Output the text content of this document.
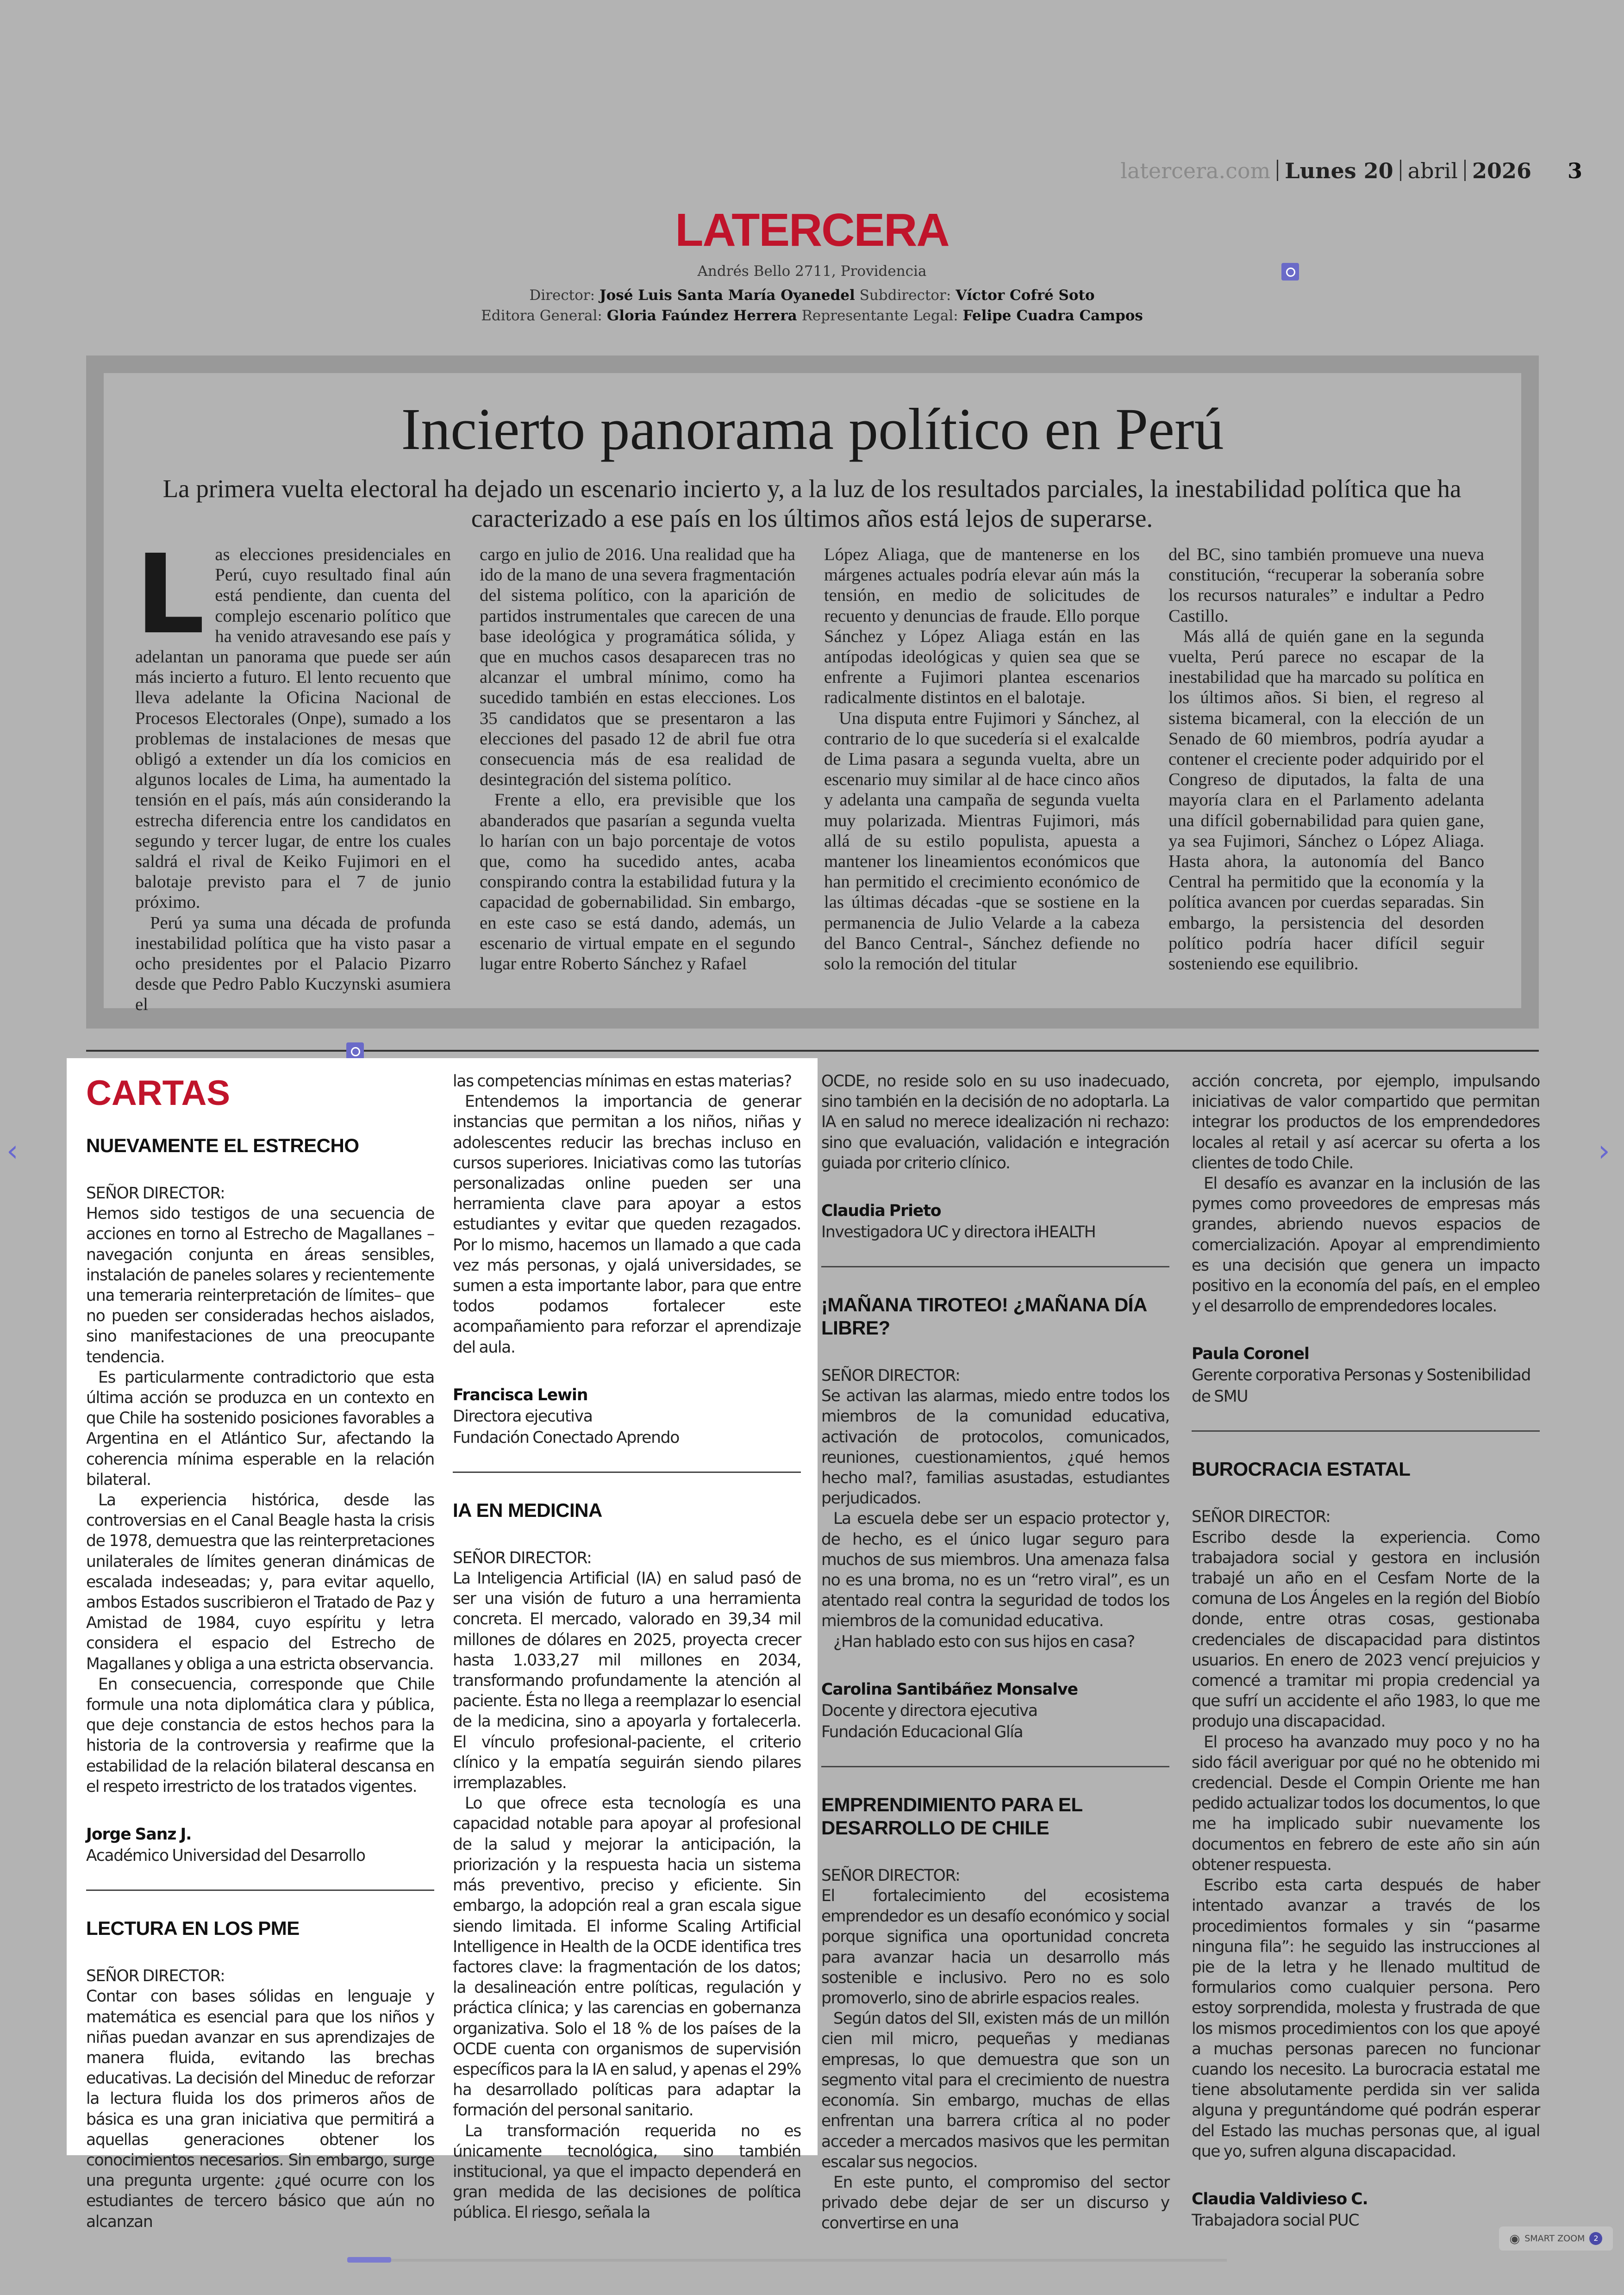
latercera.com Lunes 20 abril 2026 3
LATERCERA
Andrés Bello 2711, Providencia
Director: José Luis Santa María Oyanedel Subdirector: Víctor Cofré Soto
Editora General: Gloria Faúndez Herrera Representante Legal: Felipe Cuadra Campos
Incierto panorama político en Perú
La primera vuelta electoral ha dejado un escenario incierto y, a la luz de los resultados parciales, la inestabilidad política que ha caracterizado a ese país en los últimos años está lejos de superarse.

Las elecciones presidenciales en Perú, cuyo resultado final aún está pendiente, dan cuenta del complejo escenario político que ha venido atravesando ese país y adelantan un panorama que puede ser aún más incierto a futuro. El lento recuento que lleva adelante la Oficina Nacional de Procesos Electorales (Onpe), sumado a los problemas de instalaciones de mesas que obligó a extender un día los comicios en algunos locales de Lima, ha aumentado la tensión en el país, más aún considerando la estrecha diferencia entre los candidatos en segundo y tercer lugar, de entre los cuales saldrá el rival de Keiko Fujimori en el balotaje previsto para el 7 de junio próximo.

Perú ya suma una década de profunda inestabilidad política que ha visto pasar a ocho presidentes por el Palacio Pizarro desde que Pedro Pablo Kuczynski asumiera el

cargo en julio de 2016. Una realidad que ha ido de la mano de una severa fragmentación del sistema político, con la aparición de partidos instrumentales que carecen de una base ideológica y programática sólida, y que en muchos casos desaparecen tras no alcanzar el umbral mínimo, como ha sucedido también en estas elecciones. Los 35 candidatos que se presentaron a las elecciones del pasado 12 de abril fue otra consecuencia más de esa realidad de desintegración del sistema político.

Frente a ello, era previsible que los abanderados que pasarían a segunda vuelta lo harían con un bajo porcentaje de votos que, como ha sucedido antes, acaba conspirando contra la estabilidad futura y la capacidad de gobernabilidad. Sin embargo, en este caso se está dando, además, un escenario de virtual empate en el segundo lugar entre Roberto Sánchez y Rafael

López Aliaga, que de mantenerse en los márgenes actuales podría elevar aún más la tensión, en medio de solicitudes de recuento y denuncias de fraude. Ello porque Sánchez y López Aliaga están en las antípodas ideológicas y quien sea que se enfrente a Fujimori plantea escenarios radicalmente distintos en el balotaje.

Una disputa entre Fujimori y Sánchez, al contrario de lo que sucedería si el exalcalde de Lima pasara a segunda vuelta, abre un escenario muy similar al de hace cinco años y adelanta una campaña de segunda vuelta muy polarizada. Mientras Fujimori, más allá de su estilo populista, apuesta a mantener los lineamientos económicos que han permitido el crecimiento económico de las últimas décadas -que se sostiene en la permanencia de Julio Velarde a la cabeza del Banco Central-, Sánchez defiende no solo la remoción del titular

del BC, sino también promueve una nueva constitución, “recuperar la soberanía sobre los recursos naturales” e indultar a Pedro Castillo.

Más allá de quién gane en la segunda vuelta, Perú parece no escapar de la inestabilidad que ha marcado su política en los últimos años. Si bien, el regreso al sistema bicameral, con la elección de un Senado de 60 miembros, podría ayudar a contener el creciente poder adquirido por el Congreso de diputados, la falta de una mayoría clara en el Parlamento adelanta una difícil gobernabilidad para quien gane, ya sea Fujimori, Sánchez o López Aliaga. Hasta ahora, la autonomía del Banco Central ha permitido que la economía y la política avancen por cuerdas separadas. Sin embargo, la persistencia del desorden político podría hacer difícil seguir sosteniendo ese equilibrio.

CARTAS
NUEVAMENTE EL ESTRECHO
SEÑOR DIRECTOR:

Hemos sido testigos de una secuencia de acciones en torno al Estrecho de Magallanes –navegación conjunta en áreas sensibles, instalación de paneles solares y recientemente una temeraria reinterpretación de límites– que no pueden ser consideradas hechos aislados, sino manifestaciones de una preocupante tendencia.

Es particularmente contradictorio que esta última acción se produzca en un contexto en que Chile ha sostenido posiciones favorables a Argentina en el Atlántico Sur, afectando la coherencia mínima esperable en la relación bilateral.

La experiencia histórica, desde las controversias en el Canal Beagle hasta la crisis de 1978, demuestra que las reinterpretaciones unilaterales de límites generan dinámicas de escalada indeseadas; y, para evitar aquello, ambos Estados suscribieron el Tratado de Paz y Amistad de 1984, cuyo espíritu y letra considera el espacio del Estrecho de Magallanes y obliga a una estricta observancia.

En consecuencia, corresponde que Chile formule una nota diplomática clara y pública, que deje constancia de estos hechos para la historia de la controversia y reafirme que la estabilidad de la relación bilateral descansa en el respeto irrestricto de los tratados vigentes.

Jorge Sanz J.
Académico Universidad del Desarrollo
LECTURA EN LOS PME
SEÑOR DIRECTOR:

Contar con bases sólidas en lenguaje y matemática es esencial para que los niños y niñas puedan avanzar en sus aprendizajes de manera fluida, evitando las brechas educativas. La decisión del Mineduc de reforzar la lectura fluida los dos primeros años de básica es una gran iniciativa que permitirá a aquellas generaciones obtener los conocimientos necesarios. Sin embargo, surge una pregunta urgente: ¿qué ocurre con los estudiantes de tercero básico que aún no alcanzan

las competencias mínimas en estas materias?

Entendemos la importancia de generar instancias que permitan a los niños, niñas y adolescentes reducir las brechas incluso en cursos superiores. Iniciativas como las tutorías personalizadas online pueden ser una herramienta clave para apoyar a estos estudiantes y evitar que queden rezagados. Por lo mismo, hacemos un llamado a que cada vez más personas, y ojalá universidades, se sumen a esta importante labor, para que entre todos podamos fortalecer este acompañamiento para reforzar el aprendizaje del aula.

Francisca Lewin
Directora ejecutiva
Fundación Conectado Aprendo
IA EN MEDICINA
SEÑOR DIRECTOR:

La Inteligencia Artificial (IA) en salud pasó de ser una visión de futuro a una herramienta concreta. El mercado, valorado en 39,34 mil millones de dólares en 2025, proyecta crecer hasta 1.033,27 mil millones en 2034, transformando profundamente la atención al paciente. Ésta no llega a reemplazar lo esencial de la medicina, sino a apoyarla y fortalecerla. El vínculo profesional-paciente, el criterio clínico y la empatía seguirán siendo pilares irremplazables.

Lo que ofrece esta tecnología es una capacidad notable para apoyar al profesional de la salud y mejorar la anticipación, la priorización y la respuesta hacia un sistema más preventivo, preciso y eficiente. Sin embargo, la adopción real a gran escala sigue siendo limitada. El informe Scaling Artificial Intelligence in Health de la OCDE identifica tres factores clave: la fragmentación de los datos; la desalineación entre políticas, regulación y práctica clínica; y las carencias en gobernanza organizativa. Solo el 18 % de los países de la OCDE cuenta con organismos de supervisión específicos para la IA en salud, y apenas el 29% ha desarrollado políticas para adaptar la formación del personal sanitario.

La transformación requerida no es únicamente tecnológica, sino también institucional, ya que el impacto dependerá en gran medida de las decisiones de política pública. El riesgo, señala la

OCDE, no reside solo en su uso inadecuado, sino también en la decisión de no adoptarla. La IA en salud no merece idealización ni rechazo: sino que evaluación, validación e integración guiada por criterio clínico.

Claudia Prieto
Investigadora UC y directora iHEALTH
¡MAÑANA TIROTEO! ¿MAÑANA DÍA LIBRE?
SEÑOR DIRECTOR:

Se activan las alarmas, miedo entre todos los miembros de la comunidad educativa, activación de protocolos, comunicados, reuniones, cuestionamientos, ¿qué hemos hecho mal?, familias asustadas, estudiantes perjudicados.

La escuela debe ser un espacio protector y, de hecho, es el único lugar seguro para muchos de sus miembros. Una amenaza falsa no es una broma, no es un “retro viral”, es un atentado real contra la seguridad de todos los miembros de la comunidad educativa.

¿Han hablado esto con sus hijos en casa?

Carolina Santibáñez Monsalve
Docente y directora ejecutiva
Fundación Educacional Glía
EMPRENDIMIENTO PARA EL DESARROLLO DE CHILE
SEÑOR DIRECTOR:

El fortalecimiento del ecosistema emprendedor es un desafío económico y social porque significa una oportunidad concreta para avanzar hacia un desarrollo más sostenible e inclusivo. Pero no es solo promoverlo, sino de abrirle espacios reales.

Según datos del SII, existen más de un millón cien mil micro, pequeñas y medianas empresas, lo que demuestra que son un segmento vital para el crecimiento de nuestra economía. Sin embargo, muchas de ellas enfrentan una barrera crítica al no poder acceder a mercados masivos que les permitan escalar sus negocios.

En este punto, el compromiso del sector privado debe dejar de ser un discurso y convertirse en una

acción concreta, por ejemplo, impulsando iniciativas de valor compartido que permitan integrar los productos de los emprendedores locales al retail y así acercar su oferta a los clientes de todo Chile.

El desafío es avanzar en la inclusión de las pymes como proveedores de empresas más grandes, abriendo nuevos espacios de comercialización. Apoyar al emprendimiento es una decisión que genera un impacto positivo en la economía del país, en el empleo y el desarrollo de emprendedores locales.

Paula Coronel
Gerente corporativa Personas y Sostenibilidad de SMU
BUROCRACIA ESTATAL
SEÑOR DIRECTOR:

Escribo desde la experiencia. Como trabajadora social y gestora en inclusión trabajé un año en el Cesfam Norte de la comuna de Los Ángeles en la región del Biobío donde, entre otras cosas, gestionaba credenciales de discapacidad para distintos usuarios. En enero de 2023 vencí prejuicios y comencé a tramitar mi propia credencial ya que sufrí un accidente el año 1983, lo que me produjo una discapacidad.

El proceso ha avanzado muy poco y no ha sido fácil averiguar por qué no he obtenido mi credencial. Desde el Compin Oriente me han pedido actualizar todos los documentos, lo que me ha implicado subir nuevamente los documentos en febrero de este año sin aún obtener respuesta.

Escribo esta carta después de haber intentado avanzar a través de los procedimientos formales y sin “pasarme ninguna fila”: he seguido las instrucciones al pie de la letra y he llenado multitud de formularios como cualquier persona. Pero estoy sorprendida, molesta y frustrada de que los mismos procedimientos con los que apoyé a muchas personas parecen no funcionar cuando los necesito. La burocracia estatal me tiene absolutamente perdida sin ver salida alguna y preguntándome qué podrán esperar del Estado las muchas personas que, al igual que yo, sufren alguna discapacidad.

Claudia Valdivieso C.
Trabajadora social PUC
‹	›
◉ SMART ZOOM 2
